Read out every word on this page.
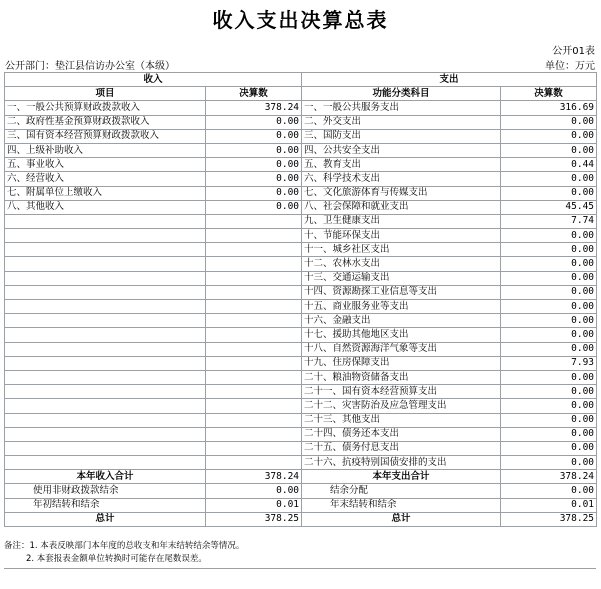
收入支出决算总表
公开01表
公开部门：垫江县信访办公室（本级）	单位：万元
收入		支出	
项目	决算数	功能分类科目	决算数
一、一般公共预算财政拨款收入	378.24	一、一般公共服务支出	316.69
二、政府性基金预算财政拨款收入	0.00	二、外交支出	0.00
三、国有资本经营预算财政拨款收入	0.00	三、国防支出	0.00
四、上级补助收入	0.00	四、公共安全支出	0.00
五、事业收入	0.00	五、教育支出	0.44
六、经营收入	0.00	六、科学技术支出	0.00
七、附属单位上缴收入	0.00	七、文化旅游体育与传媒支出	0.00
八、其他收入	0.00	八、社会保障和就业支出	45.45
		九、卫生健康支出	7.74
		十、节能环保支出	0.00
		十一、城乡社区支出	0.00
		十二、农林水支出	0.00
		十三、交通运输支出	0.00
		十四、资源勘探工业信息等支出	0.00
		十五、商业服务业等支出	0.00
		十六、金融支出	0.00
		十七、援助其他地区支出	0.00
		十八、自然资源海洋气象等支出	0.00
		十九、住房保障支出	7.93
		二十、粮油物资储备支出	0.00
		二十一、国有资本经营预算支出	0.00
		二十二、灾害防治及应急管理支出	0.00
		二十三、其他支出	0.00
		二十四、债务还本支出	0.00
		二十五、债务付息支出	0.00
		二十六、抗疫特别国债安排的支出	0.00
本年收入合计	378.24	本年支出合计	378.24
使用非财政拨款结余	0.00	结余分配	0.00
年初结转和结余	0.01	年末结转和结余	0.01
总计	378.25	总计	378.25
备注：1. 本表反映部门本年度的总收支和年末结转结余等情况。
2. 本套报表金额单位转换时可能存在尾数误差。
